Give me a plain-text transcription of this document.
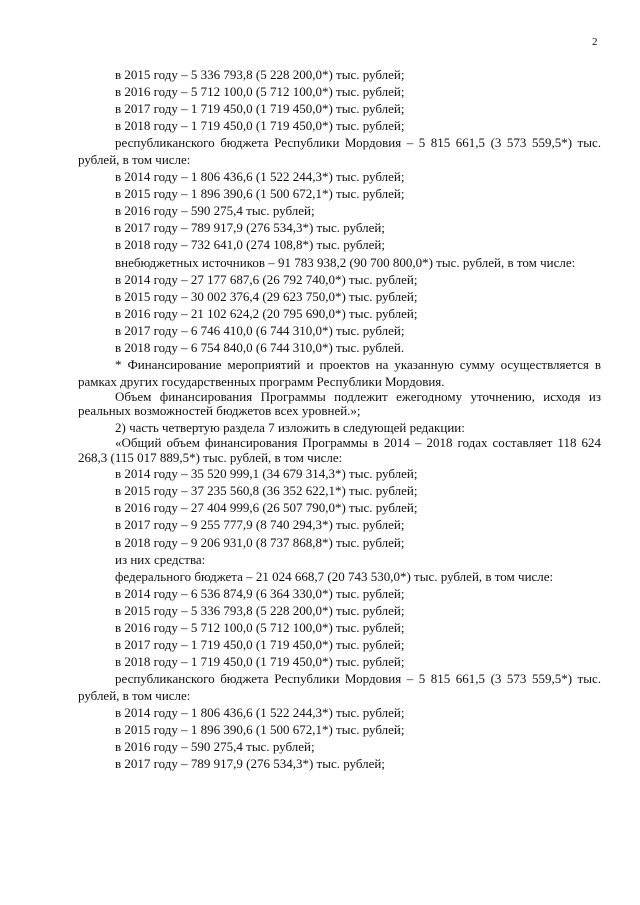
2
в 2015 году – 5 336 793,8 (5 228 200,0*) тыс. рублей;
в 2016 году – 5 712 100,0 (5 712 100,0*) тыс. рублей;
в 2017 году – 1 719 450,0 (1 719 450,0*) тыс. рублей;
в 2018 году – 1 719 450,0 (1 719 450,0*) тыс. рублей;
республиканского бюджета Республики Мордовия – 5 815 661,5 (3 573 559,5*) тыс. рублей, в том числе:
в 2014 году – 1 806 436,6 (1 522 244,3*) тыс. рублей;
в 2015 году – 1 896 390,6 (1 500 672,1*) тыс. рублей;
в 2016 году – 590 275,4 тыс. рублей;
в 2017 году – 789 917,9 (276 534,3*) тыс. рублей;
в 2018 году – 732 641,0 (274 108,8*) тыс. рублей;
внебюджетных источников – 91 783 938,2 (90 700 800,0*) тыс. рублей, в том числе:
в 2014 году – 27 177 687,6 (26 792 740,0*) тыс. рублей;
в 2015 году – 30 002 376,4 (29 623 750,0*) тыс. рублей;
в 2016 году – 21 102 624,2 (20 795 690,0*) тыс. рублей;
в 2017 году – 6 746 410,0 (6 744 310,0*) тыс. рублей;
в 2018 году – 6 754 840,0 (6 744 310,0*) тыс. рублей.
* Финансирование мероприятий и проектов на указанную сумму осуществляется в рамках других государственных программ Республики Мордовия.
Объем финансирования Программы подлежит ежегодному уточнению, исходя из реальных возможностей бюджетов всех уровней.»;
2) часть четвертую раздела 7 изложить в следующей редакции:
«Общий объем финансирования Программы в 2014 – 2018 годах составляет 118 624 268,3 (115 017 889,5*) тыс. рублей, в том числе:
в 2014 году – 35 520 999,1 (34 679 314,3*) тыс. рублей;
в 2015 году – 37 235 560,8 (36 352 622,1*) тыс. рублей;
в 2016 году – 27 404 999,6 (26 507 790,0*) тыс. рублей;
в 2017 году – 9 255 777,9 (8 740 294,3*) тыс. рублей;
в 2018 году – 9 206 931,0 (8 737 868,8*) тыс. рублей;
из них средства:
федерального бюджета – 21 024 668,7 (20 743 530,0*) тыс. рублей, в том числе:
в 2014 году – 6 536 874,9 (6 364 330,0*) тыс. рублей;
в 2015 году – 5 336 793,8 (5 228 200,0*) тыс. рублей;
в 2016 году – 5 712 100,0 (5 712 100,0*) тыс. рублей;
в 2017 году – 1 719 450,0 (1 719 450,0*) тыс. рублей;
в 2018 году – 1 719 450,0 (1 719 450,0*) тыс. рублей;
республиканского бюджета Республики Мордовия – 5 815 661,5 (3 573 559,5*) тыс. рублей, в том числе:
в 2014 году – 1 806 436,6 (1 522 244,3*) тыс. рублей;
в 2015 году – 1 896 390,6 (1 500 672,1*) тыс. рублей;
в 2016 году – 590 275,4 тыс. рублей;
в 2017 году – 789 917,9 (276 534,3*) тыс. рублей;
